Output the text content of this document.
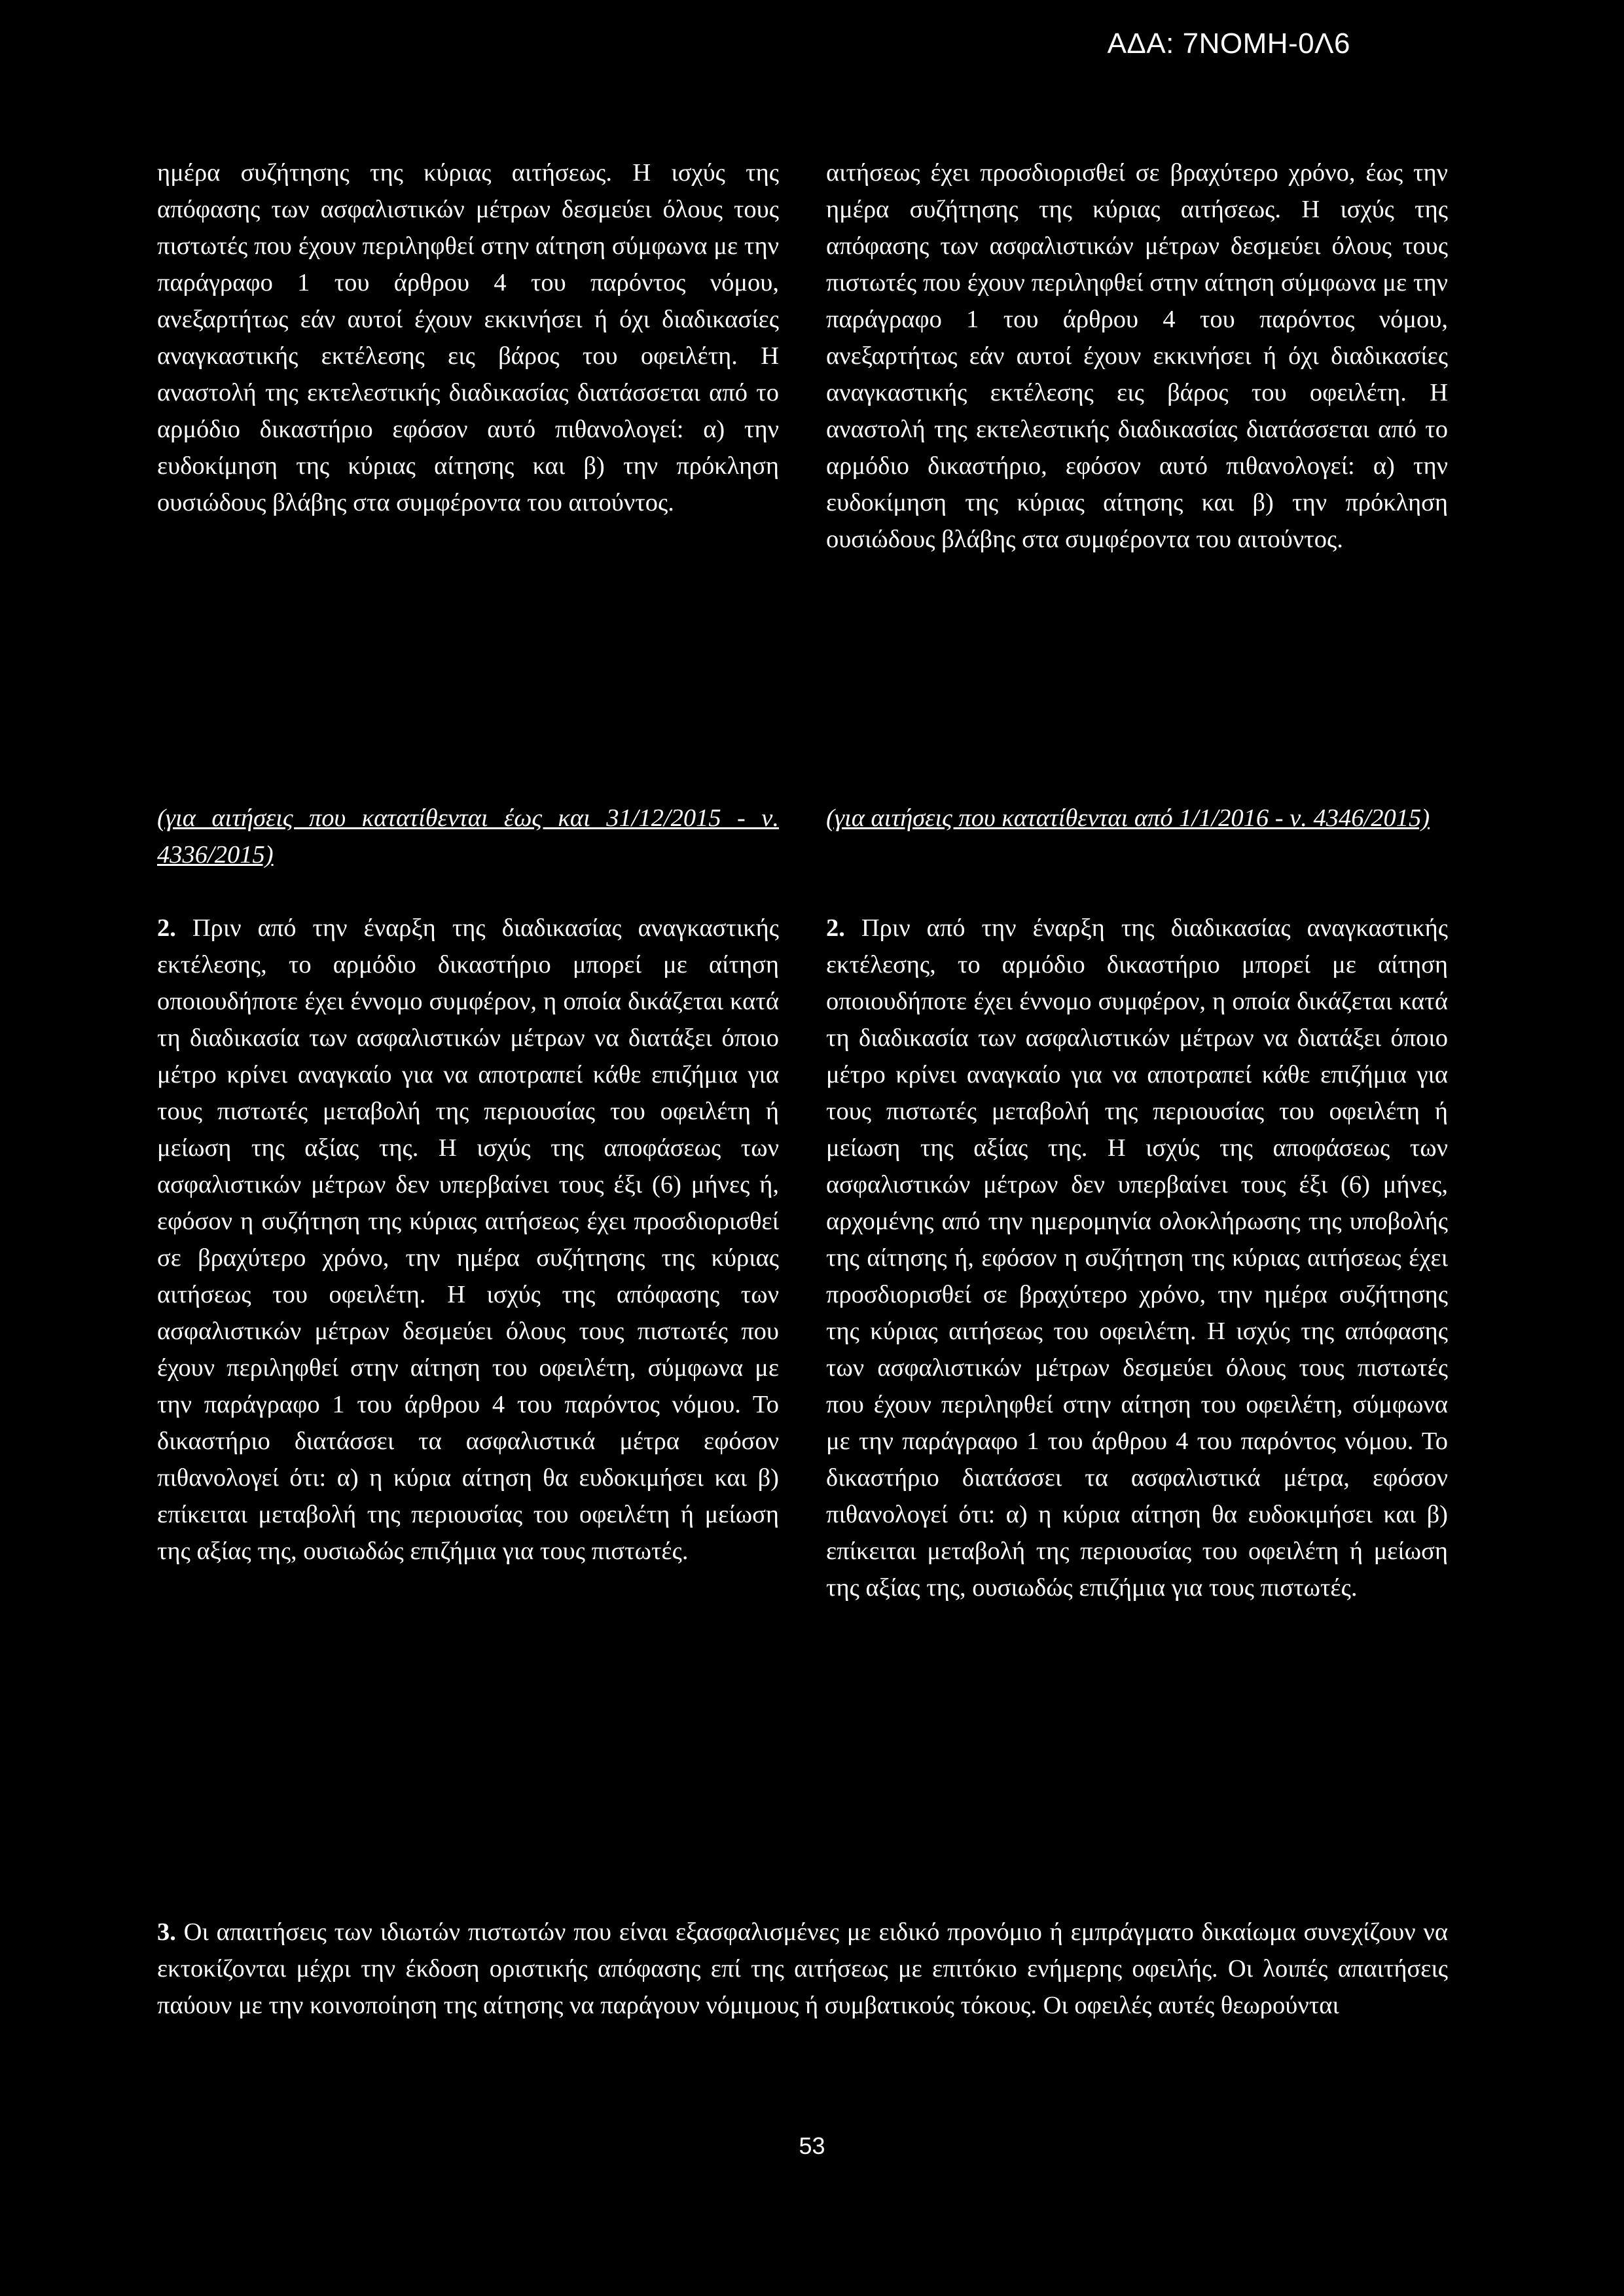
ΑΔΑ: 7ΝΟΜΗ-0Λ6

ημέρα συζήτησης της κύριας αιτήσεως. Η ισχύς της απόφασης των ασφαλιστικών μέτρων δεσμεύει όλους τους πιστωτές που έχουν περιληφθεί στην αίτηση σύμφωνα με την παράγραφο 1 του άρθρου 4 του παρόντος νόμου, ανεξαρτήτως εάν αυτοί έχουν εκκινήσει ή όχι διαδικασίες αναγκαστικής εκτέλεσης εις βάρος του οφειλέτη. Η αναστολή της εκτελεστικής διαδικασίας διατάσσεται από το αρμόδιο δικαστήριο εφόσον αυτό πιθανολογεί: α) την ευδοκίμηση της κύριας αίτησης και β) την πρόκληση ουσιώδους βλάβης στα συμφέροντα του αιτούντος.

(για αιτήσεις που κατατίθενται έως και 31/12/2015 - ν. 4336/2015)

2. Πριν από την έναρξη της διαδικασίας αναγκαστικής εκτέλεσης, το αρμόδιο δικαστήριο μπορεί με αίτηση οποιουδήποτε έχει έννομο συμφέρον, η οποία δικάζεται κατά τη διαδικασία των ασφαλιστικών μέτρων να διατάξει όποιο μέτρο κρίνει αναγκαίο για να αποτραπεί κάθε επιζήμια για τους πιστωτές μεταβολή της περιουσίας του οφειλέτη ή μείωση της αξίας της. Η ισχύς της αποφάσεως των ασφαλιστικών μέτρων δεν υπερβαίνει τους έξι (6) μήνες ή, εφόσον η συζήτηση της κύριας αιτήσεως έχει προσδιορισθεί σε βραχύτερο χρόνο, την ημέρα συζήτησης της κύριας αιτήσεως του οφειλέτη. Η ισχύς της απόφασης των ασφαλιστικών μέτρων δεσμεύει όλους τους πιστωτές που έχουν περιληφθεί στην αίτηση του οφειλέτη, σύμφωνα με την παράγραφο 1 του άρθρου 4 του παρόντος νόμου. Το δικαστήριο διατάσσει τα ασφαλιστικά μέτρα εφόσον πιθανολογεί ότι: α) η κύρια αίτηση θα ευδοκιμήσει και β) επίκειται μεταβολή της περιουσίας του οφειλέτη ή μείωση της αξίας της, ουσιωδώς επιζήμια για τους πιστωτές.

αιτήσεως έχει προσδιορισθεί σε βραχύτερο χρόνο, έως την ημέρα συζήτησης της κύριας αιτήσεως. Η ισχύς της απόφασης των ασφαλιστικών μέτρων δεσμεύει όλους τους πιστωτές που έχουν περιληφθεί στην αίτηση σύμφωνα με την παράγραφο 1 του άρθρου 4 του παρόντος νόμου, ανεξαρτήτως εάν αυτοί έχουν εκκινήσει ή όχι διαδικασίες αναγκαστικής εκτέλεσης εις βάρος του οφειλέτη. Η αναστολή της εκτελεστικής διαδικασίας διατάσσεται από το αρμόδιο δικαστήριο, εφόσον αυτό πιθανολογεί: α) την ευδοκίμηση της κύριας αίτησης και β) την πρόκληση ουσιώδους βλάβης στα συμφέροντα του αιτούντος.

(για αιτήσεις που κατατίθενται από 1/1/2016 - ν. 4346/2015)

2. Πριν από την έναρξη της διαδικασίας αναγκαστικής εκτέλεσης, το αρμόδιο δικαστήριο μπορεί με αίτηση οποιουδήποτε έχει έννομο συμφέρον, η οποία δικάζεται κατά τη διαδικασία των ασφαλιστικών μέτρων να διατάξει όποιο μέτρο κρίνει αναγκαίο για να αποτραπεί κάθε επιζήμια για τους πιστωτές μεταβολή της περιουσίας του οφειλέτη ή μείωση της αξίας της. Η ισχύς της αποφάσεως των ασφαλιστικών μέτρων δεν υπερβαίνει τους έξι (6) μήνες, αρχομένης από την ημερομηνία ολοκλήρωσης της υποβολής της αίτησης ή, εφόσον η συζήτηση της κύριας αιτήσεως έχει προσδιορισθεί σε βραχύτερο χρόνο, την ημέρα συζήτησης της κύριας αιτήσεως του οφειλέτη. Η ισχύς της απόφασης των ασφαλιστικών μέτρων δεσμεύει όλους τους πιστωτές που έχουν περιληφθεί στην αίτηση του οφειλέτη, σύμφωνα με την παράγραφο 1 του άρθρου 4 του παρόντος νόμου. Το δικαστήριο διατάσσει τα ασφαλιστικά μέτρα, εφόσον πιθανολογεί ότι: α) η κύρια αίτηση θα ευδοκιμήσει και β) επίκειται μεταβολή της περιουσίας του οφειλέτη ή μείωση της αξίας της, ουσιωδώς επιζήμια για τους πιστωτές.

3. Οι απαιτήσεις των ιδιωτών πιστωτών που είναι εξασφαλισμένες με ειδικό προνόμιο ή εμπράγματο δικαίωμα συνεχίζουν να εκτοκίζονται μέχρι την έκδοση οριστικής απόφασης επί της αιτήσεως με επιτόκιο ενήμερης οφειλής. Οι λοιπές απαιτήσεις παύουν με την κοινοποίηση της αίτησης να παράγουν νόμιμους ή συμβατικούς τόκους. Οι οφειλές αυτές θεωρούνται

53
